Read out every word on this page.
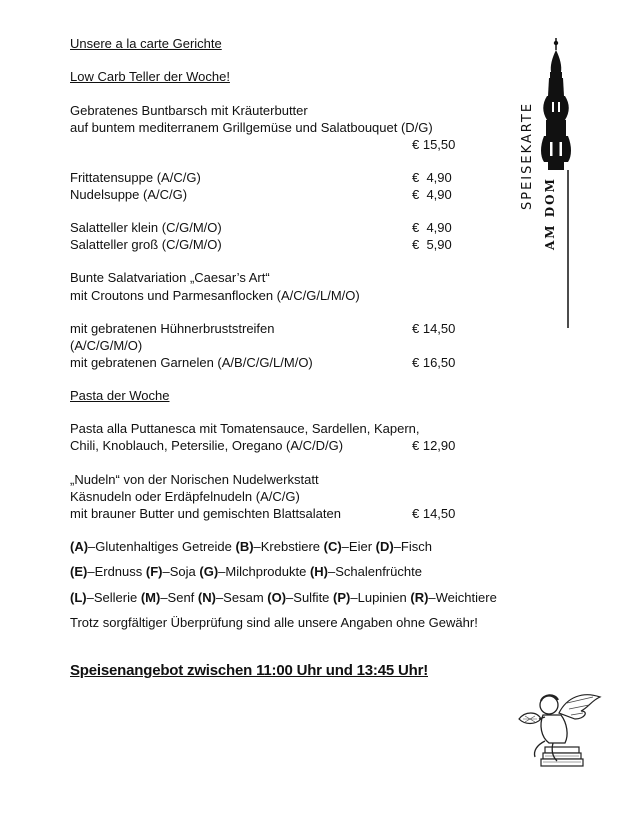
Unsere a la carte Gerichte
Low Carb Teller der Woche!
Gebratenes Buntbarsch mit Kräuterbutter
auf buntem mediterranem Grillgemüse und Salatbouquet (D/G)
€ 15,50
Frittatensuppe (A/C/G)	€  4,90
Nudelsuppe (A/C/G)	€  4,90
Salatteller klein (C/G/M/O)	€  4,90
Salatteller groß (C/G/M/O)	€  5,90
Bunte Salatvariation „Caesar’s Art“
mit Croutons und Parmesanflocken (A/C/G/L/M/O)
mit gebratenen Hühnerbruststreifen	€ 14,50
(A/C/G/M/O)
mit gebratenen Garnelen (A/B/C/G/L/M/O)	€ 16,50
Pasta der Woche
Pasta alla Puttanesca mit Tomatensauce, Sardellen, Kapern,
Chili, Knoblauch, Petersilie, Oregano (A/C/D/G)	€ 12,90
„Nudeln“ von der Norischen Nudelwerkstatt
Käsnudeln oder Erdäpfelnudeln (A/C/G)
mit brauner Butter und gemischten Blattsalaten	€ 14,50
(A)–Glutenhaltiges Getreide (B)–Krebstiere (C)–Eier (D)–Fisch
(E)–Erdnuss (F)–Soja (G)–Milchprodukte (H)–Schalenfrüchte
(L)–Sellerie (M)–Senf (N)–Sesam (O)–Sulfite (P)–Lupinien (R)–Weichtiere
Trotz sorgfältiger Überprüfung sind alle unsere Angaben ohne Gewähr!
Speisenangebot zwischen 11:00 Uhr und 13:45 Uhr!
SPEISEKARTE
AM DOM
